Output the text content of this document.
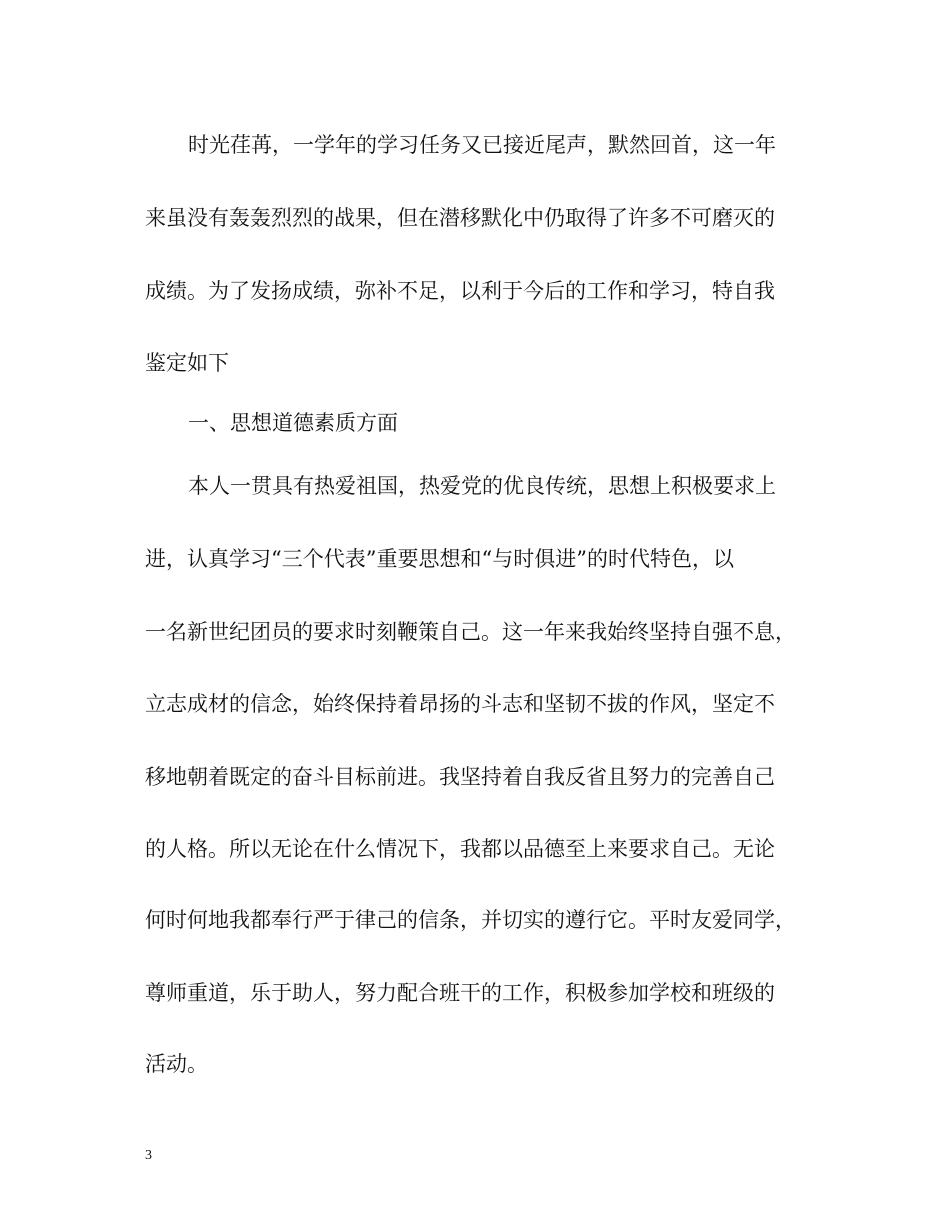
时光荏苒，一学年的学习任务又已接近尾声，默然回首，这一年

来虽没有轰轰烈烈的战果，但在潜移默化中仍取得了许多不可磨灭的

成绩。为了发扬成绩，弥补不足，以利于今后的工作和学习，特自我

鉴定如下

一、思想道德素质方面

本人一贯具有热爱祖国，热爱党的优良传统，思想上积极要求上

进，认真学习“三个代表”重要思想和“与时俱进”的时代特色，以

一名新世纪团员的要求时刻鞭策自己。这一年来我始终坚持自强不息，

立志成材的信念，始终保持着昂扬的斗志和坚韧不拔的作风，坚定不

移地朝着既定的奋斗目标前进。我坚持着自我反省且努力的完善自己

的人格。所以无论在什么情况下，我都以品德至上来要求自己。无论

何时何地我都奉行严于律己的信条，并切实的遵行它。平时友爱同学，

尊师重道，乐于助人，努力配合班干的工作，积极参加学校和班级的

活动。

3
